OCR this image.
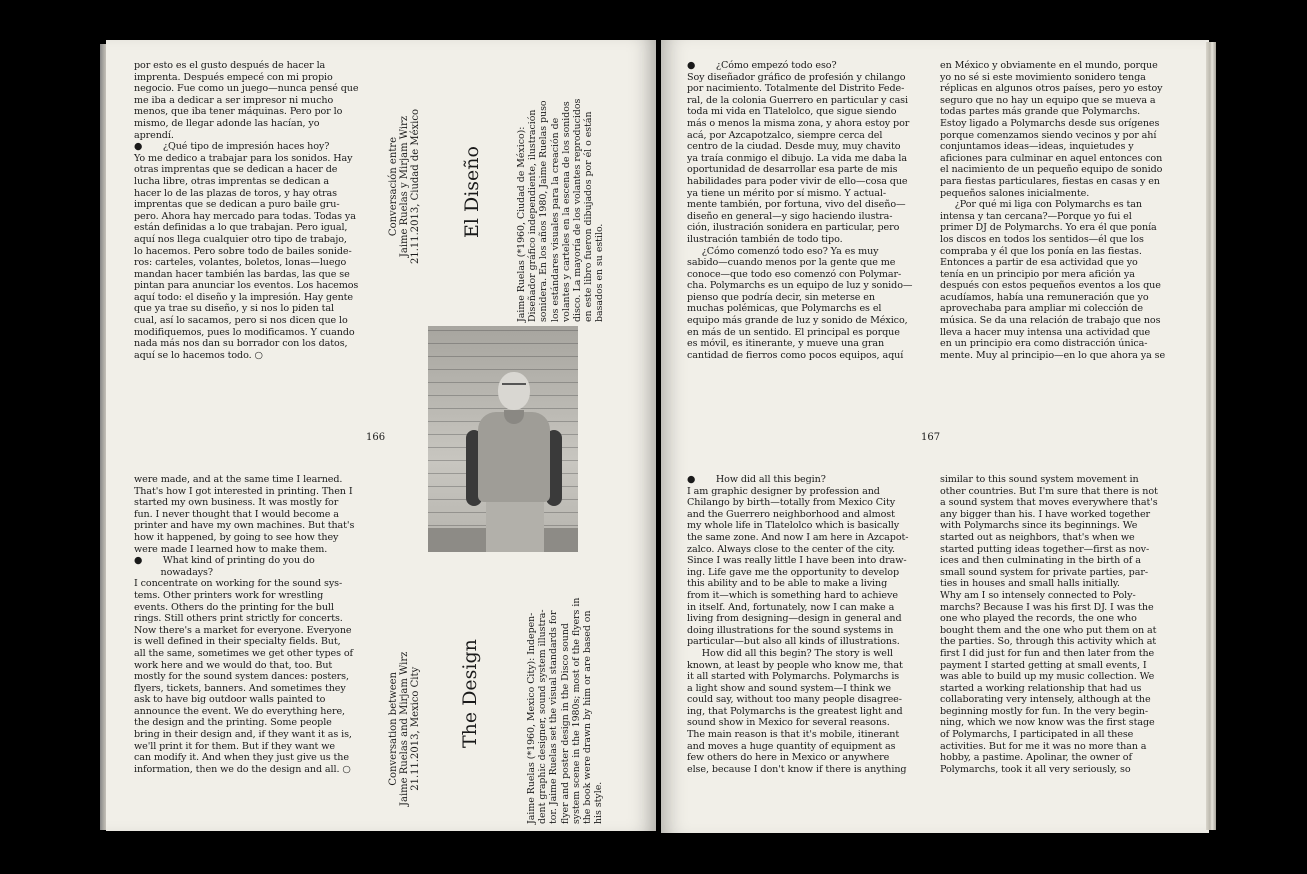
por esto es el gusto después de hacer la
imprenta. Después empecé con mi propio
negocio. Fue como un juego—nunca pensé que
me iba a dedicar a ser impresor ni mucho
menos, que iba tener máquinas. Pero por lo
mismo, de llegar adonde las hacían, yo
aprendí.
●       ¿Qué tipo de impresión haces hoy?
Yo me dedico a trabajar para los sonidos. Hay
otras imprentas que se dedican a hacer de
lucha libre, otras imprentas se dedican a
hacer lo de las plazas de toros, y hay otras
imprentas que se dedican a puro baile gru-
pero. Ahora hay mercado para todas. Todas ya
están definidas a lo que trabajan. Pero igual,
aquí nos llega cualquier otro tipo de trabajo,
lo hacemos. Pero sobre todo de bailes sonide-
ros: carteles, volantes, boletos, lonas—luego
mandan hacer también las bardas, las que se
pintan para anunciar los eventos. Los hacemos
aquí todo: el diseño y la impresión. Hay gente
que ya trae su diseño, y si nos lo piden tal
cual, así lo sacamos, pero si nos dicen que lo
modifiquemos, pues lo modificamos. Y cuando
nada más nos dan su borrador con los datos,
aquí se lo hacemos todo. ○

166

were made, and at the same time I learned.
That's how I got interested in printing. Then I
started my own business. It was mostly for
fun. I never thought that I would become a
printer and have my own machines. But that's
how it happened, by going to see how they
were made I learned how to make them.
●       What kind of printing do you do
nowadays?
I concentrate on working for the sound sys-
tems. Other printers work for wrestling
events. Others do the printing for the bull
rings. Still others print strictly for concerts.
Now there's a market for everyone. Everyone
is well defined in their specialty fields. But,
all the same, sometimes we get other types of
work here and we would do that, too. But
mostly for the sound system dances: posters,
flyers, tickets, banners. And sometimes they
ask to have big outdoor walls painted to
announce the event. We do everything here,
the design and the printing. Some people
bring in their design and, if they want it as is,
we'll print it for them. But if they want we
can modify it. And when they just give us the
information, then we do the design and all. ○

Conversación entre
Jaime Ruelas y Mirjam Wirz
21.11.2013, Ciudad de México
El Diseño
Jaime Ruelas (*1960, Ciudad de México):
Diseñador gráfico independiente, ilustración
sonidera. En los años 1980, Jaime Ruelas puso
los estándares visuales para la creación de
volantes y carteles en la escena de los sonidos
disco. La mayoría de los volantes reproducidos
en este libro fueron dibujados por él o están
basados en su estilo.
Conversation between
Jaime Ruelas and Mirjam Wirz
21.11.2013, Mexico City The Design
Jaime Ruelas (*1960, Mexico City): Indepen-
dent graphic designer, sound system illustra-
tor. Jaime Ruelas set the visual standards for
flyer and poster design in the Disco sound
system scene in the 1980s; most of the flyers in
the book were drawn by him or are based on
his style.

●       ¿Cómo empezó todo eso?
Soy diseñador gráfico de profesión y chilango
por nacimiento. Totalmente del Distrito Fede-
ral, de la colonia Guerrero en particular y casi
toda mi vida en Tlatelolco, que sigue siendo
más o menos la misma zona, y ahora estoy por
acá, por Azcapotzalco, siempre cerca del
centro de la ciudad. Desde muy, muy chavito
ya traía conmigo el dibujo. La vida me daba la
oportunidad de desarrollar esa parte de mis
habilidades para poder vivir de ello—cosa que
ya tiene un mérito por sí mismo. Y actual-
mente también, por fortuna, vivo del diseño—
diseño en general—y sigo haciendo ilustra-
ción, ilustración sonidera en particular, pero
ilustración también de todo tipo.
¿Cómo comenzó todo eso? Ya es muy
sabido—cuando menos por la gente que me
conoce—que todo eso comenzó con Polymar-
cha. Polymarchs es un equipo de luz y sonido—
pienso que podría decir, sin meterse en
muchas polémicas, que Polymarchs es el
equipo más grande de luz y sonido de México,
en más de un sentido. El principal es porque
es móvil, es itinerante, y mueve una gran
cantidad de fierros como pocos equipos, aquí

en México y obviamente en el mundo, porque
yo no sé si este movimiento sonidero tenga
réplicas en algunos otros países, pero yo estoy
seguro que no hay un equipo que se mueva a
todas partes más grande que Polymarchs.
Estoy ligado a Polymarchs desde sus orígenes
porque comenzamos siendo vecinos y por ahí
conjuntamos ideas—ideas, inquietudes y
aficiones para culminar en aquel entonces con
el nacimiento de un pequeño equipo de sonido
para fiestas particulares, fiestas en casas y en
pequeños salones inicialmente.
¿Por qué mi liga con Polymarchs es tan
intensa y tan cercana?—Porque yo fui el
primer DJ de Polymarchs. Yo era él que ponía
los discos en todos los sentidos—él que los
compraba y él que los ponía en las fiestas.
Entonces a partir de esa actividad que yo
tenía en un principio por mera afición ya
después con estos pequeños eventos a los que
acudíamos, había una remuneración que yo
aprovechaba para ampliar mi colección de
música. Se da una relación de trabajo que nos
lleva a hacer muy intensa una actividad que
en un principio era como distracción única-
mente. Muy al principio—en lo que ahora ya se

167

●       How did all this begin?
I am graphic designer by profession and
Chilango by birth—totally from Mexico City
and the Guerrero neighborhood and almost
my whole life in Tlatelolco which is basically
the same zone. And now I am here in Azcapot-
zalco. Always close to the center of the city.
Since I was really little I have been into draw-
ing. Life gave me the opportunity to develop
this ability and to be able to make a living
from it—which is something hard to achieve
in itself. And, fortunately, now I can make a
living from designing—design in general and
doing illustrations for the sound systems in
particular—but also all kinds of illustrations.
How did all this begin? The story is well
known, at least by people who know me, that
it all started with Polymarchs. Polymarchs is
a light show and sound system—I think we
could say, without too many people disagree-
ing, that Polymarchs is the greatest light and
sound show in Mexico for several reasons.
The main reason is that it's mobile, itinerant
and moves a huge quantity of equipment as
few others do here in Mexico or anywhere
else, because I don't know if there is anything

similar to this sound system movement in
other countries. But I'm sure that there is not
a sound system that moves everywhere that's
any bigger than his. I have worked together
with Polymarchs since its beginnings. We
started out as neighbors, that's when we
started putting ideas together—first as nov-
ices and then culminating in the birth of a
small sound system for private parties, par-
ties in houses and small halls initially.
Why am I so intensely connected to Poly-
marchs? Because I was his first DJ. I was the
one who played the records, the one who
bought them and the one who put them on at
the parties. So, through this activity which at
first I did just for fun and then later from the
payment I started getting at small events, I
was able to build up my music collection. We
started a working relationship that had us
collaborating very intensely, although at the
beginning mostly for fun. In the very begin-
ning, which we now know was the first stage
of Polymarchs, I participated in all these
activities. But for me it was no more than a
hobby, a pastime. Apolinar, the owner of
Polymarchs, took it all very seriously, so
